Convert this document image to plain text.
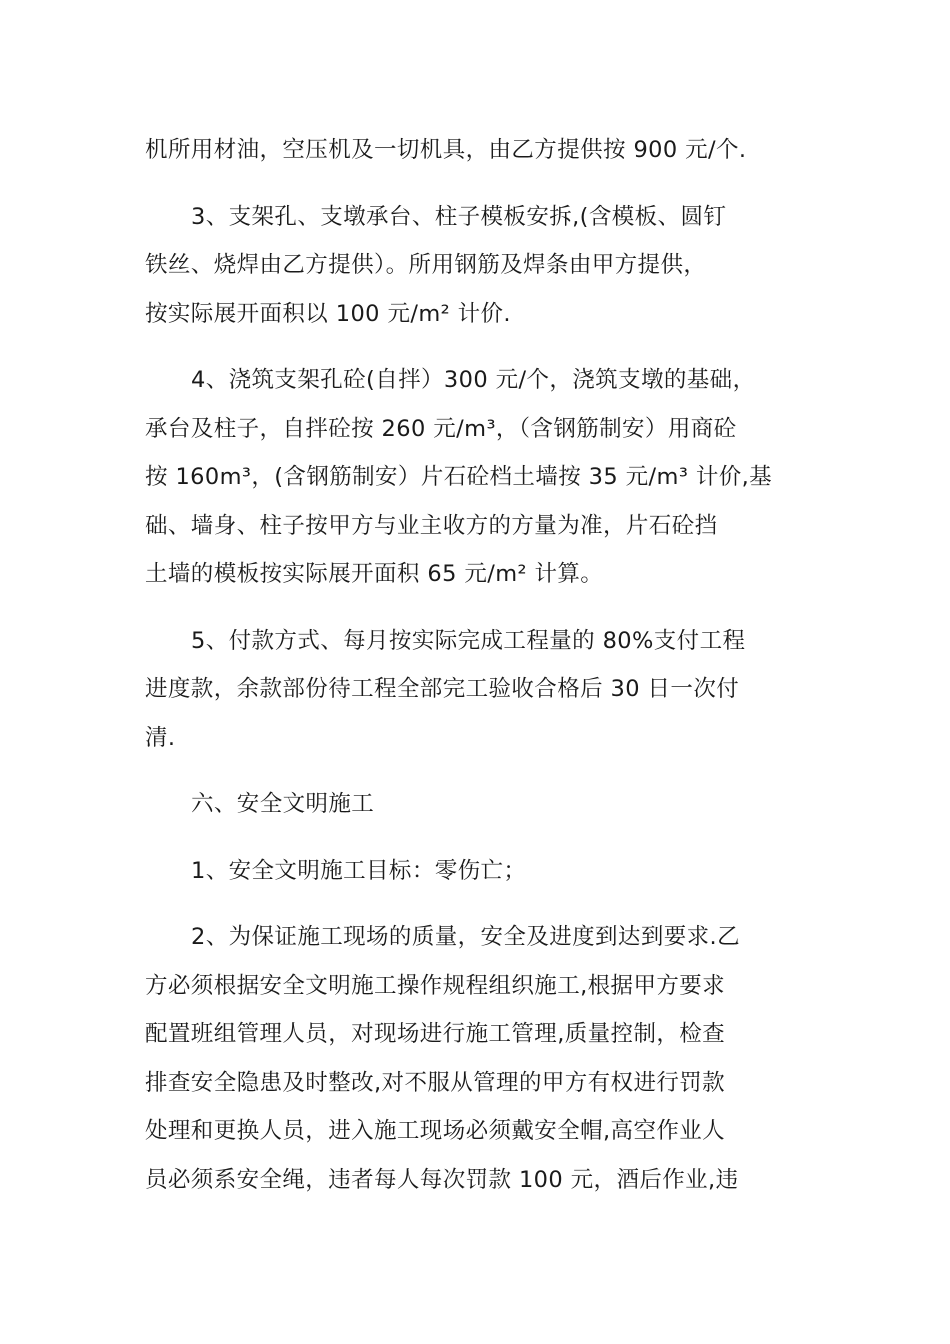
机所用材油，空压机及一切机具，由乙方提供按 900 元/个.

3、支架孔、支墩承台、柱子模板安拆,(含模板、圆钉
铁丝、烧焊由乙方提供）。所用钢筋及焊条由甲方提供，
按实际展开面积以 100 元/m² 计价.

4、浇筑支架孔砼(自拌）300 元/个，浇筑支墩的基础，
承台及柱子，自拌砼按 260 元/m³，（含钢筋制安）用商砼
按 160m³，(含钢筋制安）片石砼档土墙按 35 元/m³ 计价,基
础、墙身、柱子按甲方与业主收方的方量为准，片石砼挡
土墙的模板按实际展开面积 65 元/m² 计算。

5、付款方式、每月按实际完成工程量的 80%支付工程
进度款，余款部份待工程全部完工验收合格后 30 日一次付
清.

六、安全文明施工

1、安全文明施工目标：零伤亡；

2、为保证施工现场的质量，安全及进度到达到要求.乙
方必须根据安全文明施工操作规程组织施工,根据甲方要求
配置班组管理人员，对现场进行施工管理,质量控制，检查
排查安全隐患及时整改,对不服从管理的甲方有权进行罚款
处理和更换人员，进入施工现场必须戴安全帽,高空作业人
员必须系安全绳，违者每人每次罚款 100 元，酒后作业,违
